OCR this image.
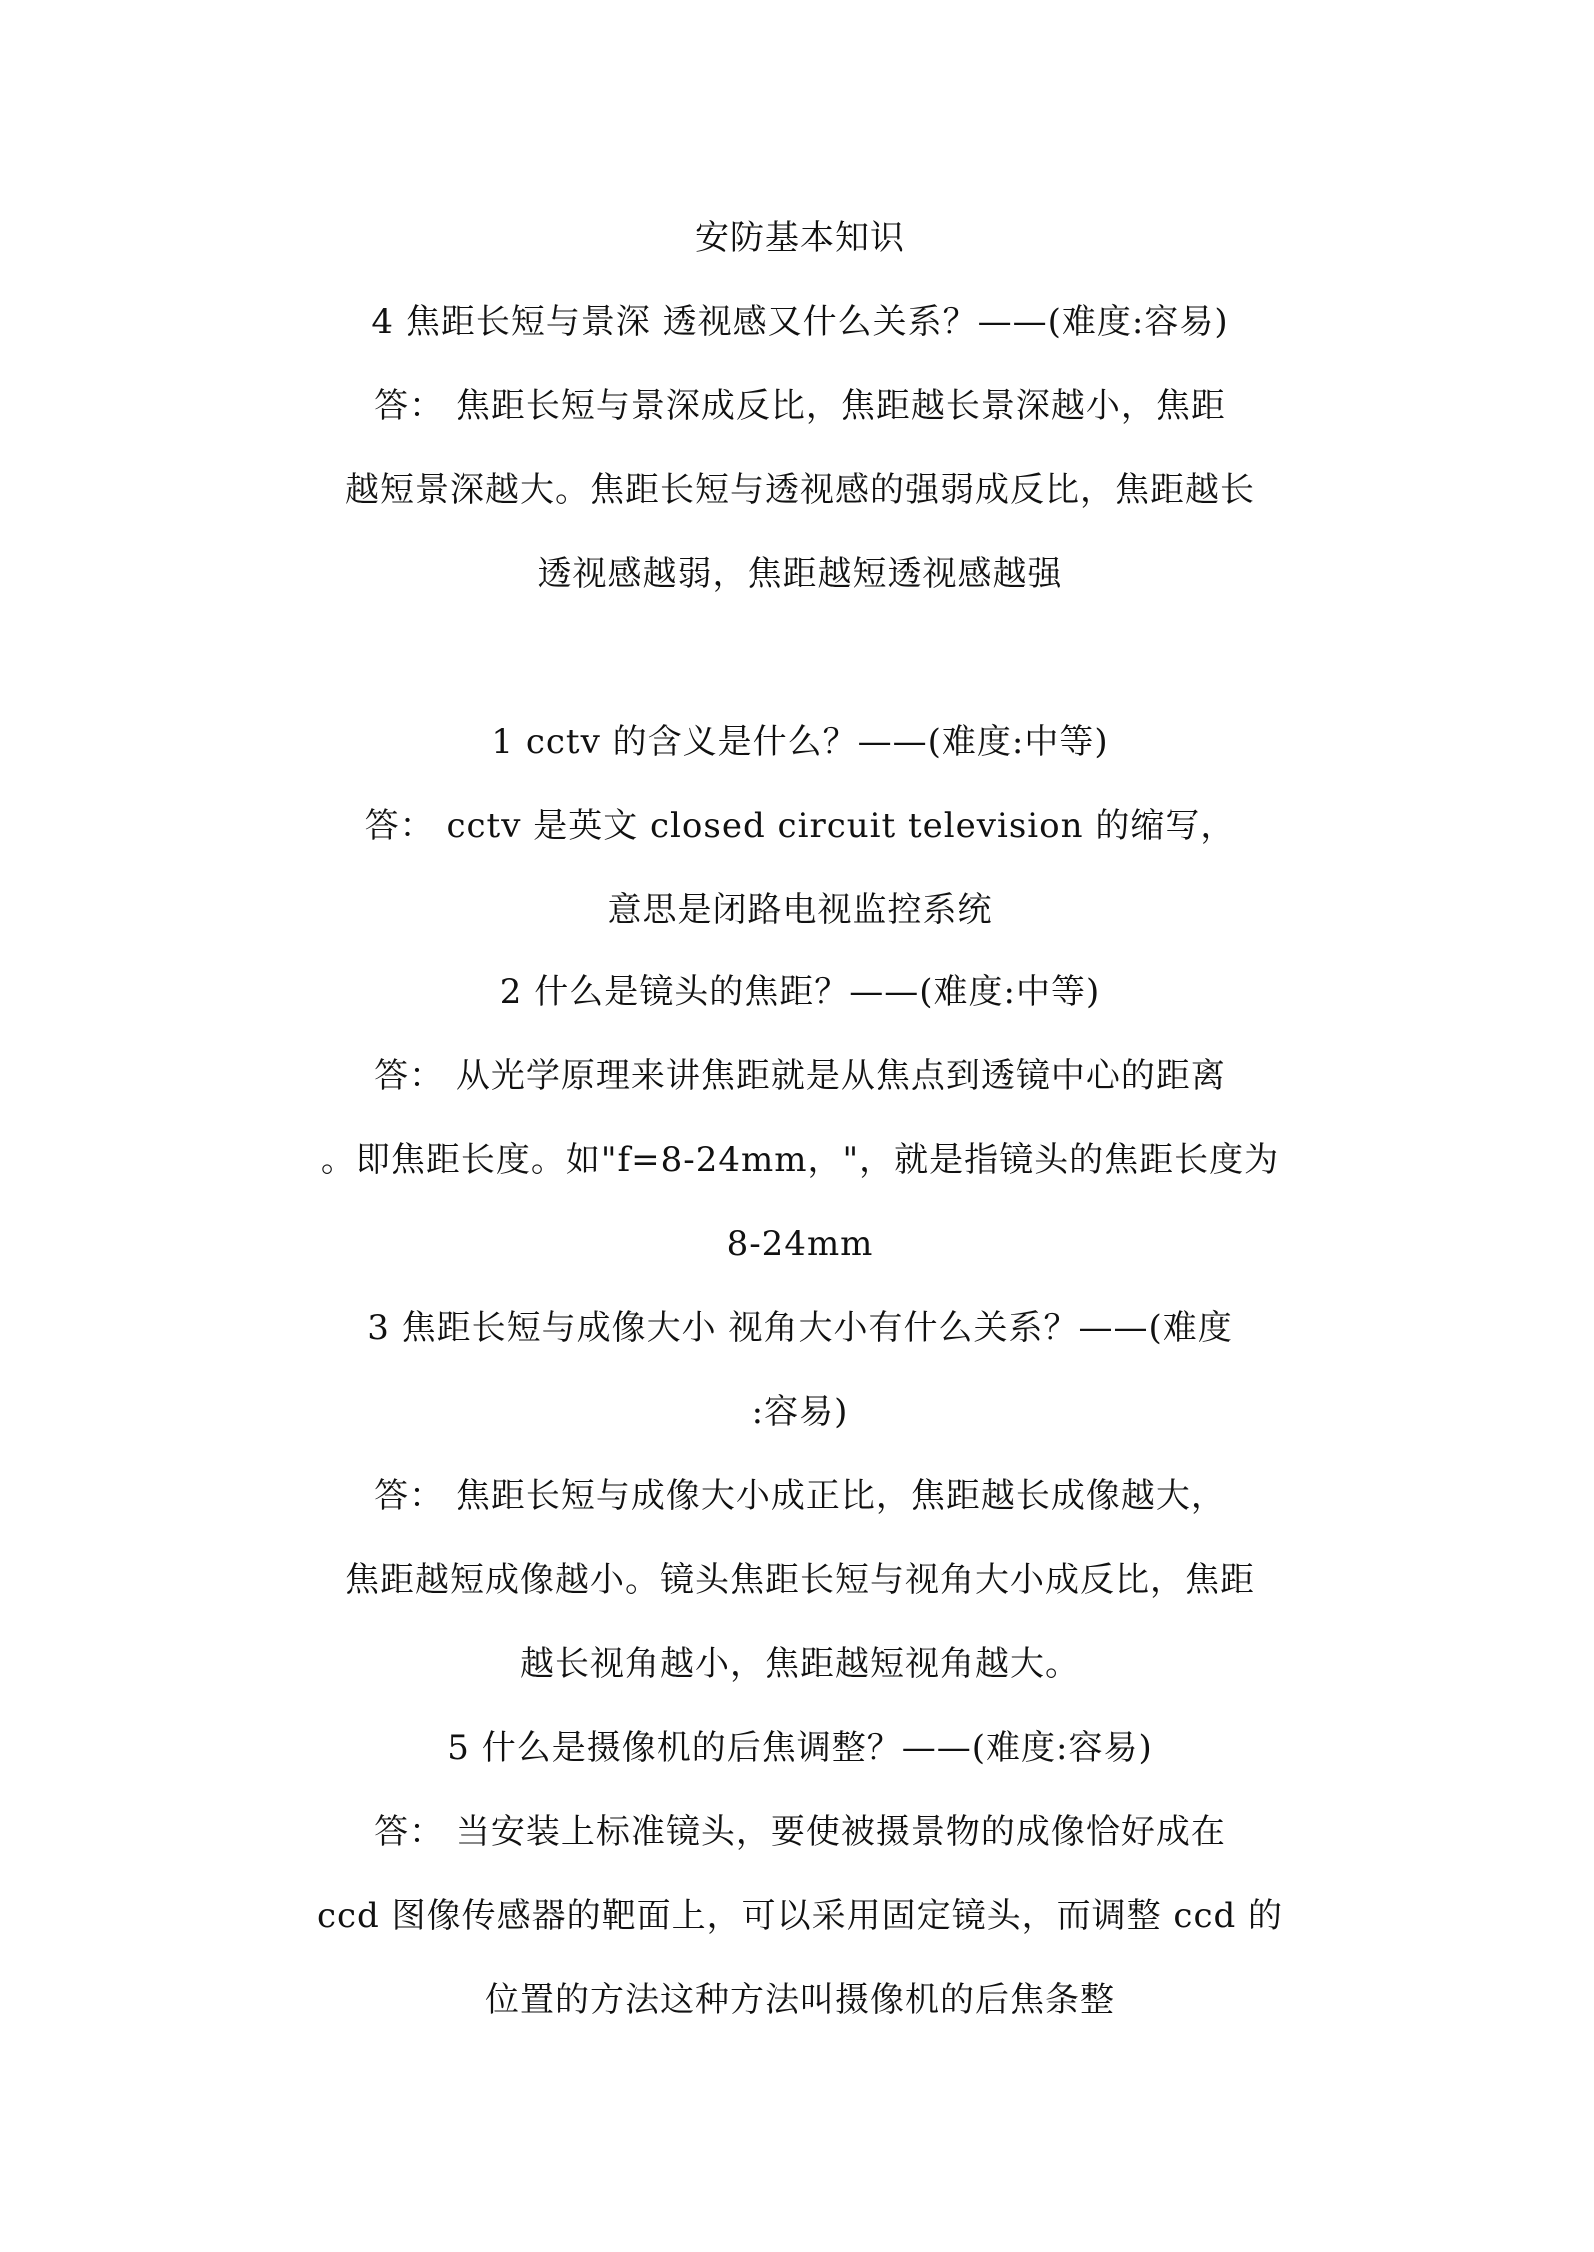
安防基本知识
4 焦距长短与景深 透视感又什么关系？——(难度:容易)
答： 焦距长短与景深成反比，焦距越长景深越小，焦距
越短景深越大。焦距长短与透视感的强弱成反比，焦距越长
透视感越弱，焦距越短透视感越强
1 cctv 的含义是什么？——(难度:中等)
答： cctv 是英文 closed circuit television 的缩写，
意思是闭路电视监控系统
2 什么是镜头的焦距？——(难度:中等)
答： 从光学原理来讲焦距就是从焦点到透镜中心的距离
。即焦距长度。如"f=8-24mm，"，就是指镜头的焦距长度为
8-24mm
3 焦距长短与成像大小 视角大小有什么关系？——(难度
:容易)
答： 焦距长短与成像大小成正比，焦距越长成像越大，
焦距越短成像越小。镜头焦距长短与视角大小成反比，焦距
越长视角越小，焦距越短视角越大。
5 什么是摄像机的后焦调整？——(难度:容易)
答： 当安装上标准镜头，要使被摄景物的成像恰好成在
ccd 图像传感器的靶面上，可以采用固定镜头，而调整 ccd 的
位置的方法这种方法叫摄像机的后焦条整
